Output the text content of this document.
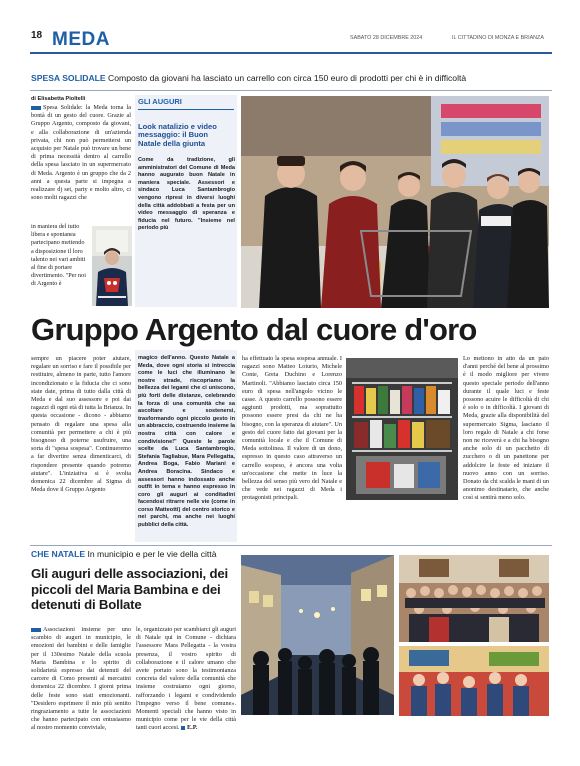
18 MEDA	SABATO 28 DICEMBRE 2024	IL CITTADINO DI MONZA E BRIANZA
SPESA SOLIDALE Composto da giovani ha lasciato un carrello con circa 150 euro di prodotti per chi è in difficoltà
di Elisabetta Pioltelli

Spesa Solidale: la Meda torna la bontà di un gesto del cuore. Grazie al Gruppo Argento, composto da giovani, e alla collaborazione di un'azienda privata, chi non può permettersi un acquisto per Natale può trovare un bene di prima necessità dentro al carrello della spesa lasciato in un supermercato di Meda. Argento è un gruppo che da 2 anni a questa parte si impegna a realizzare dj set, party e molto altro, ci sono molti ragazzi che

in maniera del tutto libera e spontanea partecipano mettendo a disposizione il loro talento nei vari ambiti al fine di portare divertimento. "Per noi di Argento è

GLI AUGURI
Look natalizio e video messaggio: il Buon Natale della giunta

Come da tradizione, gli amministratori del Comune di Meda hanno augurato buon Natale in maniera speciale. Assessori e sindaco Luca Santambrogio vengono ripresi in diversi luoghi della città addobbati a festa per un video messaggio di speranza e fiducia nel futuro. "Insieme nel periodo più

Gruppo Argento dal cuore d'oro

sempre un piacere poter aiutare, regalare un sorriso e fare il possibile per restituire, almeno in parte, tutto l'amore incondizionato e la fiducia che ci sono state date, prima di tutto dalla città di Meda e dal suo assessore e poi dai ragazzi di ogni età di tutta la Brianza. In questa occasione - dicono - abbiamo pensato di regalare una spesa alla comunità per permettere a chi è più bisognoso di poterne usufruire, una sorta di "spesa sospesa". Continueremo a far divertire senza dimenticarci, di rispondere presente quando potremo aiutare". L'iniziativa si è svolta domenica 22 dicembre al Sigma di Meda dove il Gruppo Argento

magico dell'anno. Questo Natale a Meda, dove ogni storia si intreccia come le luci che illuminano le nostre strade, riscopriamo la bellezza dei legami che ci uniscono, più forti delle distanze, celebrando la forza di una comunità che sa ascoltare e sostenersi, trasformando ogni piccolo gesto in un abbraccio, costruendo insieme la nostra città con calore e condivisione!" Queste le parole scelte da Luca Santambrogio, Stefania Tagliabue, Mara Pellegatta, Andrea Boga, Fabio Mariani e Andrea Boracina. Sindaco e assessori hanno indossato anche outfit in tema e hanno espresso in coro gli auguri ai conditadini facendosi ritrarre nelle vie (come in corso Matteotti) del centro storico e nei parchi, ma anche nei luoghi pubblici della città.

ha effettuato la spesa sospesa annuale. I ragazzi sono Matteo Loiurio, Michele Conte, Greta Duchino e Lorenzo Martinoli. "Abbiamo lasciato circa 150 euro di spesa nell'angolo vicino le casse. A questo carrello possono essere aggiunti prodotti, ma soprattutto possono essere presi da chi ne ha bisogno, con la speranza di aiutare". Un gesto del cuore fatto dai giovani per la comunità locale e che il Comune di Meda sottolinea. Il valore di un dono, espresso in questo caso attraverso un carrello sospeso, è ancora una volta un'occasione che mette in luce la bellezza del senso più vero del Natale e che vede nei ragazzi di Meda i protagonisti principali.

Lo mettono in atto da un paio d'anni perché del bene al prossimo è il modo migliore per vivere questo speciale periodo dell'anno durante il quale luci e feste possono acuire le difficoltà di chi è solo o in difficoltà. I giovani di Meda, grazie alla disponibilità del supermercato Sigma, lasciano il loro regalo di Natale a chi forse non ne riceverà e a chi ha bisogno anche solo di un pacchetto di zucchero o di un panettone per addolcire le feste ed iniziare il nuovo anno con un sorriso. Donato da chi scalda le mani di un anonimo destinatario, che anche così si sentirà meno solo.

CHE NATALE In municipio e per le vie della città
Gli auguri delle associazioni, dei piccoli del Maria Bambina e dei detenuti di Bollate

Associazioni insieme per uno scambio di auguri in municipio, le emozioni dei bambini e delle famiglie per il 130esimo Natale della scuola Maria Bambina e lo spirito di solidarietà espresso dai detenuti del carcere di Como presenti al mercatini domenica 22 dicembre. I giorni prima delle feste sono stati emozionanti. "Desidero esprimere il mio più sentito ringraziamento a tutte le associazioni che hanno partecipato con entusiasmo al nostro momento conviviale,

le, organizzato per scambiarci gli auguri di Natale qui in Comune - dichiara l'assessore Mara Pellegatta - la vostra presenza, il vostro spirito di collaborazione e il calore umano che avete portato sono la testimonianza concreta del valore della comunità che insieme costruiamo ogni giorno, rafforzando i legami e condividendo l'impegno verso il bene comune». Momenti speciali che hanno visto in municipio come per le vie della città tanti cuori accesi. E.P.
